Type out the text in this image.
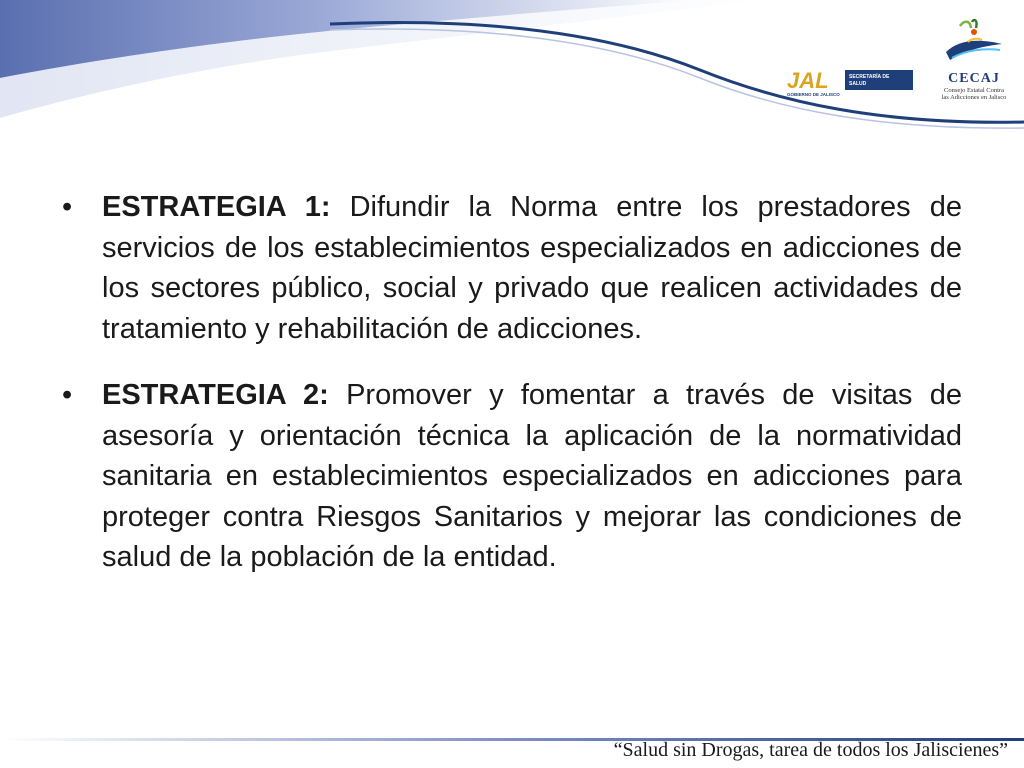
JAL
GOBIERNO DE JALISCO
SECRETARÍA DE
SALUD	CECAJ
Consejo Estatal Contra
las Adicciones en Jalisco
•	ESTRATEGIA 1: Difundir la Norma entre los prestadores de servicios de los establecimientos especializados en adicciones de los sectores público, social y privado que realicen actividades de tratamiento y rehabilitación de adicciones.
•	ESTRATEGIA 2: Promover y fomentar a través de visitas de asesoría y orientación técnica la aplicación de la normatividad sanitaria en establecimientos especializados en adicciones para proteger contra Riesgos Sanitarios y mejorar las condiciones de salud de la población de la entidad.
“Salud sin Drogas, tarea de todos los Jaliscienes”
